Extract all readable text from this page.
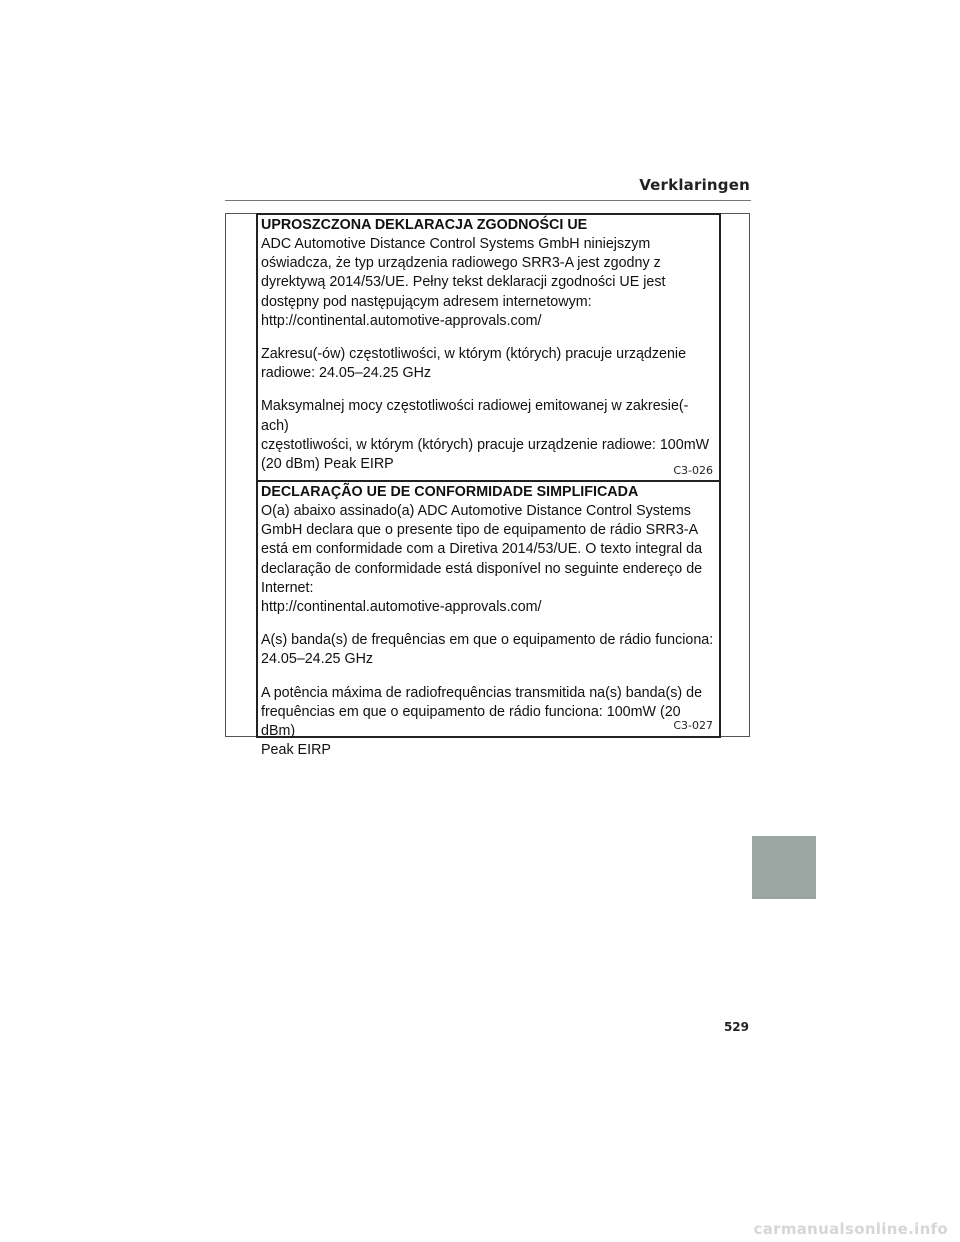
Verklaringen

UPROSZCZONA DEKLARACJA ZGODNOŚCI UE

ADC Automotive Distance Control Systems GmbH niniejszym
oświadcza, że typ urządzenia radiowego SRR3-A jest zgodny z
dyrektywą 2014/53/UE. Pełny tekst deklaracji zgodności UE jest
dostępny pod następującym adresem internetowym:
http://continental.automotive-approvals.com/

Zakresu(-ów) częstotliwości, w którym (których) pracuje urządzenie
radiowe: 24.05–24.25 GHz

Maksymalnej mocy częstotliwości radiowej emitowanej w zakresie(-ach)
częstotliwości, w którym (których) pracuje urządzenie radiowe: 100mW
(20 dBm) Peak EIRP	C3-026

DECLARAÇÃO UE DE CONFORMIDADE SIMPLIFICADA

O(a) abaixo assinado(a) ADC Automotive Distance Control Systems
GmbH declara que o presente tipo de equipamento de rádio SRR3-A
está em conformidade com a Diretiva 2014/53/UE. O texto integral da
declaração de conformidade está disponível no seguinte endereço de
Internet:
http://continental.automotive-approvals.com/

A(s) banda(s) de frequências em que o equipamento de rádio funciona:
24.05–24.25 GHz

A potência máxima de radiofrequências transmitida na(s) banda(s) de
frequências em que o equipamento de rádio funciona: 100mW (20 dBm)
Peak EIRP

C3-027
529
carmanualsonline.info
